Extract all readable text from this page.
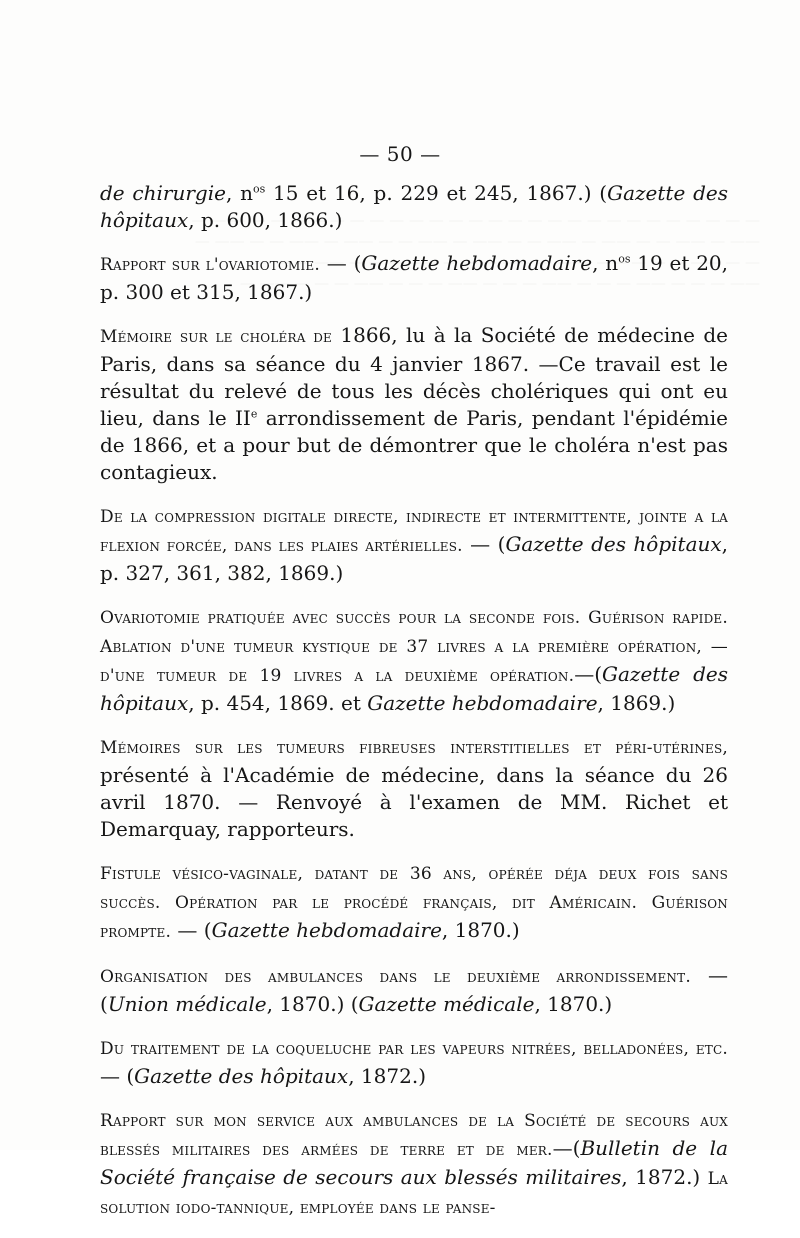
— 50 —

de chirurgie, $n^{os}$ 15 et 16, p. 229 et 245, 1867.) (Gazette des hôpitaux, p. 600, 1866.)

Rapport sur l'ovariotomie. — (Gazette hebdomadaire, $n^{os}$ 19 et 20, p. 300 et 315, 1867.)

Mémoire sur le choléra de 1866, lu à la Société de médecine de Paris, dans sa séance du 4 janvier 1867. —Ce travail est le résultat du relevé de tous les décès cholériques qui ont eu lieu, dans le IIe arrondissement de Paris, pendant l'épidémie de 1866, et a pour but de démontrer que le choléra n'est pas contagieux.

De la compression digitale directe, indirecte et intermittente, jointe a la flexion forcée, dans les plaies artérielles. — (Gazette des hôpitaux, p. 327, 361, 382, 1869.)

Ovariotomie pratiquée avec succès pour la seconde fois. Guérison rapide. Ablation d'une tumeur kystique de 37 livres a la première opération, — d'une tumeur de 19 livres a la deuxième opération.—(Gazette des hôpitaux, p. 454, 1869. et Gazette hebdomadaire, 1869.)

Mémoires sur les tumeurs fibreuses interstitielles et péri-utérines, présenté à l'Académie de médecine, dans la séance du 26 avril 1870. — Renvoyé à l'examen de MM. Richet et Demarquay, rapporteurs.

Fistule vésico-vaginale, datant de 36 ans, opérée déja deux fois sans succès. Opération par le procédé français, dit Américain. Guérison prompte. — (Gazette hebdomadaire, 1870.)

Organisation des ambulances dans le deuxième arrondissement. — (Union médicale, 1870.) (Gazette médicale, 1870.)

Du traitement de la coqueluche par les vapeurs nitrées, belladonées, etc. — (Gazette des hôpitaux, 1872.)

Rapport sur mon service aux ambulances de la Société de secours aux blessés militaires des armées de terre et de mer.—(Bulletin de la Société française de secours aux blessés militaires, 1872.) La solution iodo-tannique, employée dans le panse-
